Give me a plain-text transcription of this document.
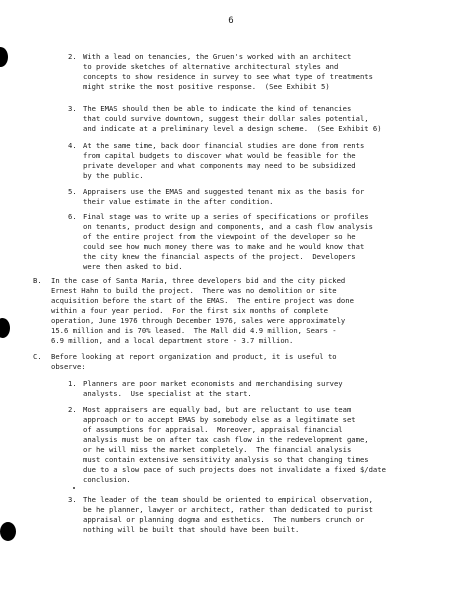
6
2. With a lead on tenancies, the Gruen's worked with an architect
to provide sketches of alternative architectural styles and
concepts to show residence in survey to see what type of treatments
might strike the most positive response.  (See Exhibit 5)
3. The EMAS should then be able to indicate the kind of tenancies
that could survive downtown, suggest their dollar sales potential,
and indicate at a preliminary level a design scheme.  (See Exhibit 6)
4. At the same time, back door financial studies are done from rents
from capital budgets to discover what would be feasible for the
private developer and what components may need to be subsidized
by the public.
5. Appraisers use the EMAS and suggested tenant mix as the basis for
their value estimate in the after condition.
6. Final stage was to write up a series of specifications or profiles
on tenants, product design and components, and a cash flow analysis
of the entire project from the viewpoint of the developer so he
could see how much money there was to make and he would know that
the city knew the financial aspects of the project.  Developers
were then asked to bid.
B. In the case of Santa Maria, three developers bid and the city picked
Ernest Hahn to build the project.  There was no demolition or site
acquisition before the start of the EMAS.  The entire project was done
within a four year period.  For the first six months of complete
operation, June 1976 through December 1976, sales were approximately
15.6 million and is 70% leased.  The Mall did 4.9 million, Sears -
6.9 million, and a local department store - 3.7 million.
C. Before looking at report organization and product, it is useful to
observe:
1. Planners are poor market economists and merchandising survey
analysts.  Use specialist at the start.
2. Most appraisers are equally bad, but are reluctant to use team
approach or to accept EMAS by somebody else as a legitimate set
of assumptions for appraisal.  Moreover, appraisal financial
analysis must be on after tax cash flow in the redevelopment game,
or he will miss the market completely.  The financial analysis
must contain extensive sensitivity analysis so that changing times
due to a slow pace of such projects does not invalidate a fixed $/date
conclusion.
3. The leader of the team should be oriented to empirical observation,
be he planner, lawyer or architect, rather than dedicated to purist
appraisal or planning dogma and esthetics.  The numbers crunch or
nothing will be built that should have been built.
